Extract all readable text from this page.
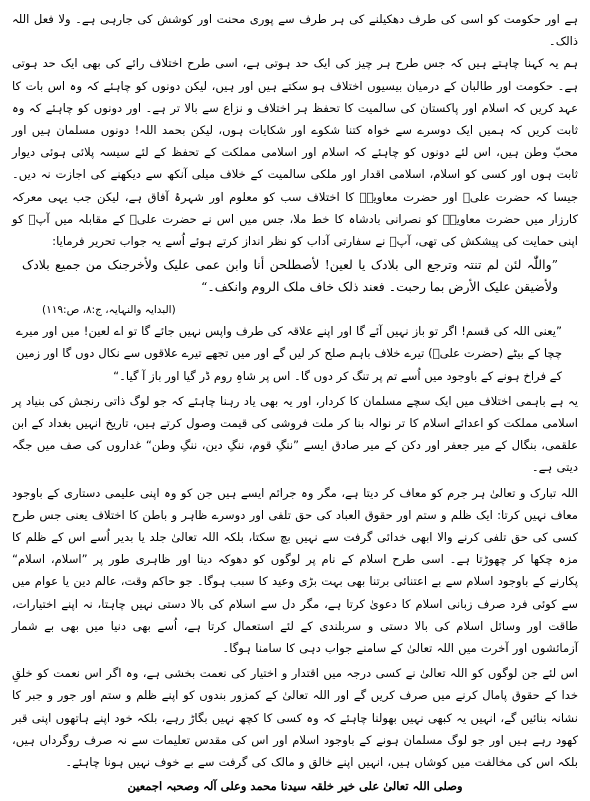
ہے اور حکومت کو اسی کی طرف دھکیلنے کی ہر طرف سے پوری محنت اور کوشش کی جارہی ہے۔ ولا فعل اللہ ذالک۔

ہم یہ کہنا چاہتے ہیں کہ جس طرح ہر چیز کی ایک حد ہوتی ہے، اسی طرح اختلاف رائے کی بھی ایک حد ہوتی ہے۔ حکومت اور طالبان کے درمیان بیسیوں اختلاف ہو سکتے ہیں اور ہیں، لیکن دونوں کو چاہئے کہ وہ اس بات کا عہد کریں کہ اسلام اور پاکستان کی سالمیت کا تحفظ ہر اختلاف و نزاع سے بالا تر ہے۔ اور دونوں کو چاہئے کہ وہ ثابت کریں کہ ہمیں ایک دوسرے سے خواہ کتنا شکوے اور شکایات ہوں، لیکن بحمد اللہ! دونوں مسلمان ہیں اور محبّ وطن ہیں، اس لئے دونوں کو چاہئے کہ اسلام اور اسلامی مملکت کے تحفظ کے لئے سیسہ پلائی ہوئی دیوار ثابت ہوں اور کسی کو اسلام، اسلامی اقدار اور ملکی سالمیت کے خلاف میلی آنکھ سے دیکھنے کی اجازت نہ دیں۔ جیسا کہ حضرت علیؓ اور حضرت معاویہؓ کا اختلاف سب کو معلوم اور شہرۂ آفاق ہے، لیکن جب یہی معرکہ کارزار میں حضرت معاویہؓ کو نصرانی بادشاہ کا خط ملا، جس میں اس نے حضرت علیؓ کے مقابلہ میں آپؓ کو اپنی حمایت کی پیشکش کی تھی، آپؓ نے سفارتی آداب کو نظر انداز کرتے ہوئے اُسے یہ جواب تحریر فرمایا:

”واللّٰہ لئن لم تنتہ وترجع الی بلادک یا لعین! لأصطلحن أنا وابن عمی علیک ولأخرجنک من جمیع بلادک ولأضیقن علیک الأرض بما رحبت۔ فعند ذلک خاف ملک الروم وانکف۔“

(البدایہ والنہایہ، ج:۸، ص:۱۱۹)

”یعنی اللہ کی قسم! اگر تو باز نہیں آئے گا اور اپنے علاقہ کی طرف واپس نہیں جائے گا تو اے لعین! میں اور میرے چچا کے بیٹے (حضرت علیؓ) تیرے خلاف باہم صلح کر لیں گے اور میں تجھے تیرے علاقوں سے نکال دوں گا اور زمین کے فراخ ہونے کے باوجود میں اُسے تم پر تنگ کر دوں گا۔ اس پر شاہِ روم ڈر گیا اور باز آ گیا۔“

یہ ہے باہمی اختلاف میں ایک سچے مسلمان کا کردار، اور یہ بھی یاد رہنا چاہئے کہ جو لوگ ذاتی رنجش کی بنیاد پر اسلامی مملکت کو اعدائے اسلام کا تر نوالہ بنا کر ملت فروشی کی قیمت وصول کرتے ہیں، تاریخ انہیں بغداد کے ابن علقمی، بنگال کے میر جعفر اور دکن کے میر صادق ایسے ”ننگِ قوم، ننگِ دین، ننگِ وطن“ غداروں کی صف میں جگہ دیتی ہے۔

اللہ تبارک و تعالیٰ ہر جرم کو معاف کر دیتا ہے، مگر وہ جرائم ایسے ہیں جن کو وہ اپنی علیمی دستاری کے باوجود معاف نہیں کرتا: ایک ظلم و ستم اور حقوق العباد کی حق تلفی اور دوسرے ظاہر و باطن کا اختلاف یعنی جس طرح کسی کی حق تلفی کرنے والا ابھی خدائی گرفت سے نہیں بچ سکتا، بلکہ اللہ تعالیٰ جلد یا بدیر اُسے اس کے ظلم کا مزہ چکھا کر چھوڑتا ہے۔ اسی طرح اسلام کے نام پر لوگوں کو دھوکہ دینا اور ظاہری طور پر ”اسلام، اسلام“ پکارنے کے باوجود اسلام سے بے اعتنائی برتنا بھی بہت بڑی وعید کا سبب ہوگا۔ جو حاکم وقت، عالم دین یا عوام میں سے کوئی فرد صرف زبانی اسلام کا دعویٰ کرتا ہے، مگر دل سے اسلام کی بالا دستی نہیں چاہتا، نہ اپنے اختیارات، طاقت اور وسائل اسلام کی بالا دستی و سربلندی کے لئے استعمال کرتا ہے، اُسے بھی دنیا میں بھی بے شمار آزمائشوں اور آخرت میں اللہ تعالیٰ کے سامنے جواب دہی کا سامنا ہوگا۔

اس لئے جن لوگوں کو اللہ تعالیٰ نے کسی درجہ میں اقتدار و اختیار کی نعمت بخشی ہے، وہ اگر اس نعمت کو خلقِ خدا کے حقوق پامال کرنے میں صرف کریں گے اور اللہ تعالیٰ کے کمزور بندوں کو اپنے ظلم و ستم اور جور و جبر کا نشانہ بنائیں گے، انہیں یہ کبھی نہیں بھولنا چاہئے کہ وہ کسی کا کچھ نہیں بگاڑ رہے، بلکہ خود اپنے ہاتھوں اپنی قبر کھود رہے ہیں اور جو لوگ مسلمان ہونے کے باوجود اسلام اور اس کی مقدس تعلیمات سے نہ صرف روگرداں ہیں، بلکہ اس کی مخالفت میں کوشاں ہیں، انہیں اپنے خالق و مالک کی گرفت سے بے خوف نہیں ہونا چاہئے۔

وصلی اللہ تعالیٰ علی خیر خلقہ سیدنا محمد وعلی آلہ وصحبہ اجمعین
